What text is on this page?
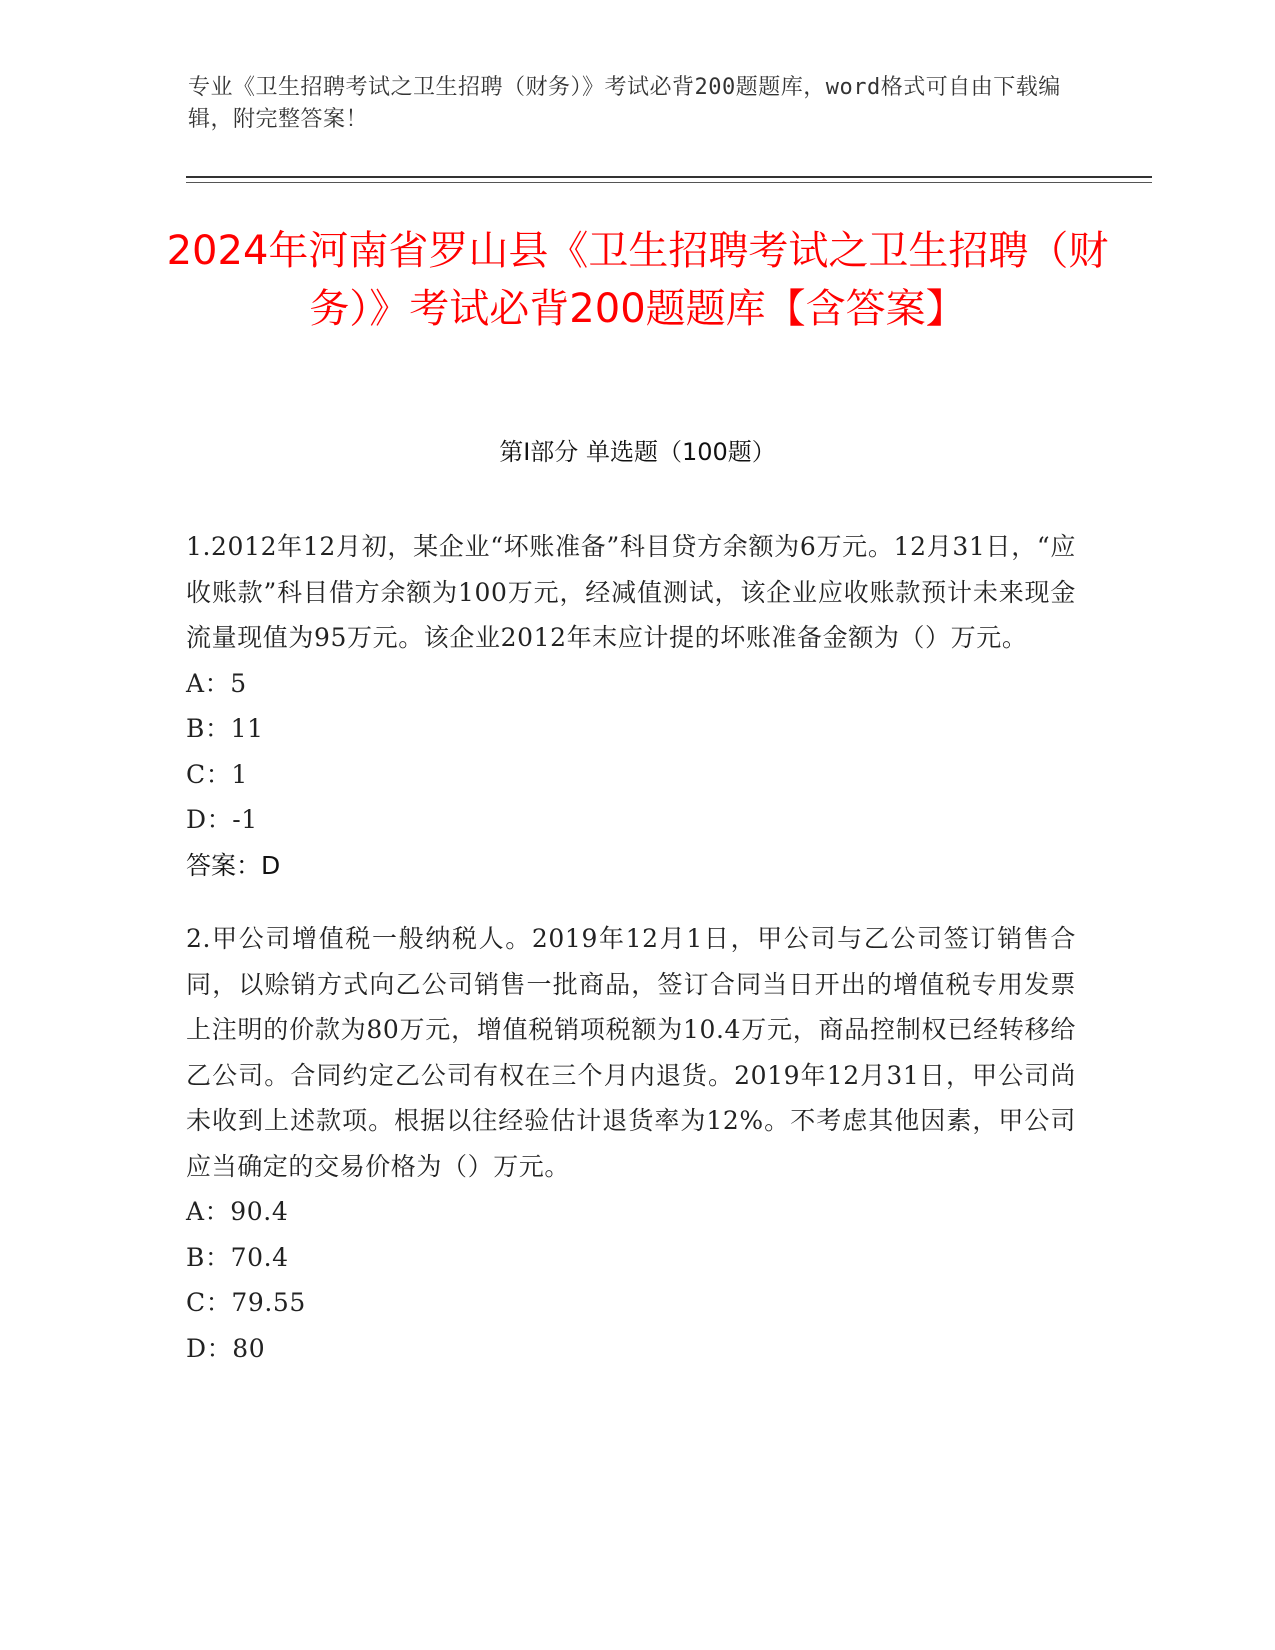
专业《卫生招聘考试之卫生招聘（财务）》考试必背200题题库，word格式可自由下载编辑，附完整答案！
2024年河南省罗山县《卫生招聘考试之卫生招聘（财务）》考试必背200题题库【含答案】
第I部分 单选题（100题）

1.2012年12月初，某企业“坏账准备”科目贷方余额为6万元。12月31日，“应收账款”科目借方余额为100万元，经减值测试，该企业应收账款预计未来现金流量现值为95万元。该企业2012年末应计提的坏账准备金额为（）万元。

A：5
B：11
C：1
D：-1
答案：D

2.甲公司增值税一般纳税人。2019年12月1日，甲公司与乙公司签订销售合同，以赊销方式向乙公司销售一批商品，签订合同当日开出的增值税专用发票上注明的价款为80万元，增值税销项税额为10.4万元，商品控制权已经转移给乙公司。合同约定乙公司有权在三个月内退货。2019年12月31日，甲公司尚未收到上述款项。根据以往经验估计退货率为12%。不考虑其他因素，甲公司应当确定的交易价格为（）万元。

A：90.4
B：70.4
C：79.55
D：80
